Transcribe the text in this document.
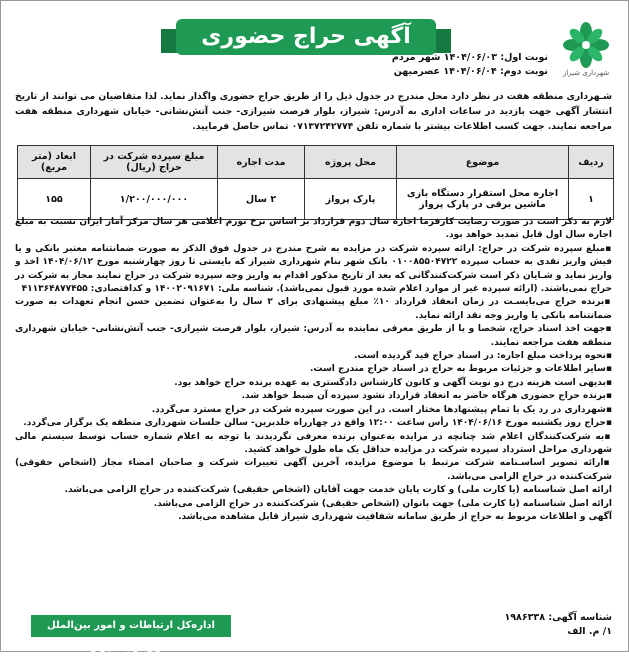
آگهی حراج حضوری ۴۷۴_۱۴۰۴
نوبت اول: ۱۴۰۴/۰۶/۰۳ شهر مردم
نوبت دوم: ۱۴۰۴/۰۶/۰۴ عصرمیهن	شهرداری شیراز
شـهرداری منطقه هفت در نظر دارد محل مندرج در جدول ذیل را از طریق حراج حضوری واگذار نماید. لذا متقاضیان می توانند از تاریخ انتشار آگهی جهت بازدید در ساعات اداری به آدرس: شیراز، بلوار فرصت شیرازی- جنب آتش‌نشانی- خیابان شهرداری منطقه هفت مراجعه نمایند. جهت کسب اطلاعات بیشتر با شماره تلفن ۰۷۱۳۷۲۴۲۷۷۴ تماس حاصل فرمایید.
ردیف	موضوع	محل پروژه	مدت اجاره	مبلغ سپرده شرکت در حراج (ریال)	ابعاد (متر مربع)
۱	اجاره محل استقرار دستگاه بازی ماشین برقی در پارک پرواز	پارک پرواز	۲ سال	۱/۲۰۰/۰۰۰/۰۰۰	۱۵۵

لازم به ذکر است در صورت رضایت کارفرما اجاره سال دوم قرارداد بر اساس نرخ تورم اعلامی هر سال مرکز آمار ایران نسبت به مبلغ اجاره سال اول قابل تمدید خواهد بود.

▪ مبلغ سپرده شرکت در حراج: ارائه سپرده شرکت در مزایده به شرح مندرج در جدول فوق الذکر به صورت ضمانتنامه معتبر بانکی و یا فیش واریز نقدی به حساب سپرده ۰۱۰۰۸۵۵۰۴۷۲۲ بانک شهر بنام شهرداری شیراز که بایستی تا روز چهارشنبه مورخ ۱۴۰۴/۰۶/۱۲ اخذ و واریز نماید و شـایان ذکر است شرکت‌کنندگانی که بعد از تاریخ مذکور اقدام به واریز وجه سپرده شرکت در حراج نمایند مجاز به شرکت در حراج نمی‌باشند. (ارائه سپرده غیر از موارد اعلام شده مورد قبول نمی‌باشد). شناسه ملی: ۱۴۰۰۲۰۹۱۶۷۱ و کداقتصادی: ۴۱۱۳۶۴۸۷۷۴۵۵

▪ برنده حراج می‌بایسـت در زمان انعقاد قرارداد ۱۰٪ مبلغ پیشنهادی برای ۲ سال را به‌عنوان تضمین حسن انجام تعهدات به صورت ضمانتنامه بانکی یا واریز وجه نقد ارائه نماید.

▪ جهت اخذ اسناد حراج، شخصا و یا از طریق معرفی نماینده به آدرس: شیراز، بلوار فرصت شیرازی- جنب آتش‌نشانی- خیابان شهرداری منطقه هفت مراجعه نمایند.

▪ نحوه پرداخت مبلغ اجاره: در اسناد حراج قید گردیده است.

▪ سایر اطلاعات و جزئیات مربوط به حراج در اسناد حراج مندرج است.

▪ بدیهی است هزینه درج دو نوبت آگهی و کانون کارشناس دادگستری به عهده برنده حراج خواهد بود.

▪ برنده حراج حضوری هرگاه حاضر به انعقاد قرارداد نشود سپرده آن ضبط خواهد شد.

▪ شهرداری در رد یک یا تمام پیشنهادها مختار است. در این صورت سپرده شرکت در حراج مسترد می‌گردد.

▪ حراج روز یکشنبه مورخ ۱۴۰۴/۰۶/۱۶ رأس ساعت ۱۲:۰۰ واقع در چهارراه خلدبرین- سالن جلسات شهرداری منطقه یک برگزار می‌گردد.

▪ به شرکت‌کنندگان اعلام شد چنانچه در مزایده به‌عنوان برنده معرفی نگردیدند با توجه به اعلام شماره حساب توسط سیستم مالی شهرداری مراحل استرداد سپرده شرکت در مزایده حداقل یک ماه طول خواهد کشید.

▪ ارائه تصویر اساسـنامه شرکت مرتبط با موضوع مزایده، آخرین آگهی تغییرات شرکت و صاحبان امضاء مجاز (اشخاص حقوقی) شرکت‌کننده در حراج الزامی می‌باشد.

ارائه اصل شناسنامه (یا کارت ملی) و کارت پایان خدمت جهت آقایان (اشخاص حقیقی) شرکت‌کننده در حراج الزامی می‌باشد.

ارائه اصل شناسنامه (یا کارت ملی) جهت بانوان (اشخاص حقیقی) شرکت‌کننده در حراج الزامی می‌باشد.

آگهی و اطلاعات مربوط به حراج از طریق سامانه شفافیت شهرداری شیراز قابل مشاهده می‌باشد.

شناسه آگهی: ۱۹۸۶۳۳۸
۱/ م. الف
اداره‌کل ارتباطات و امور بین‌الملل شهرداری شیراز
